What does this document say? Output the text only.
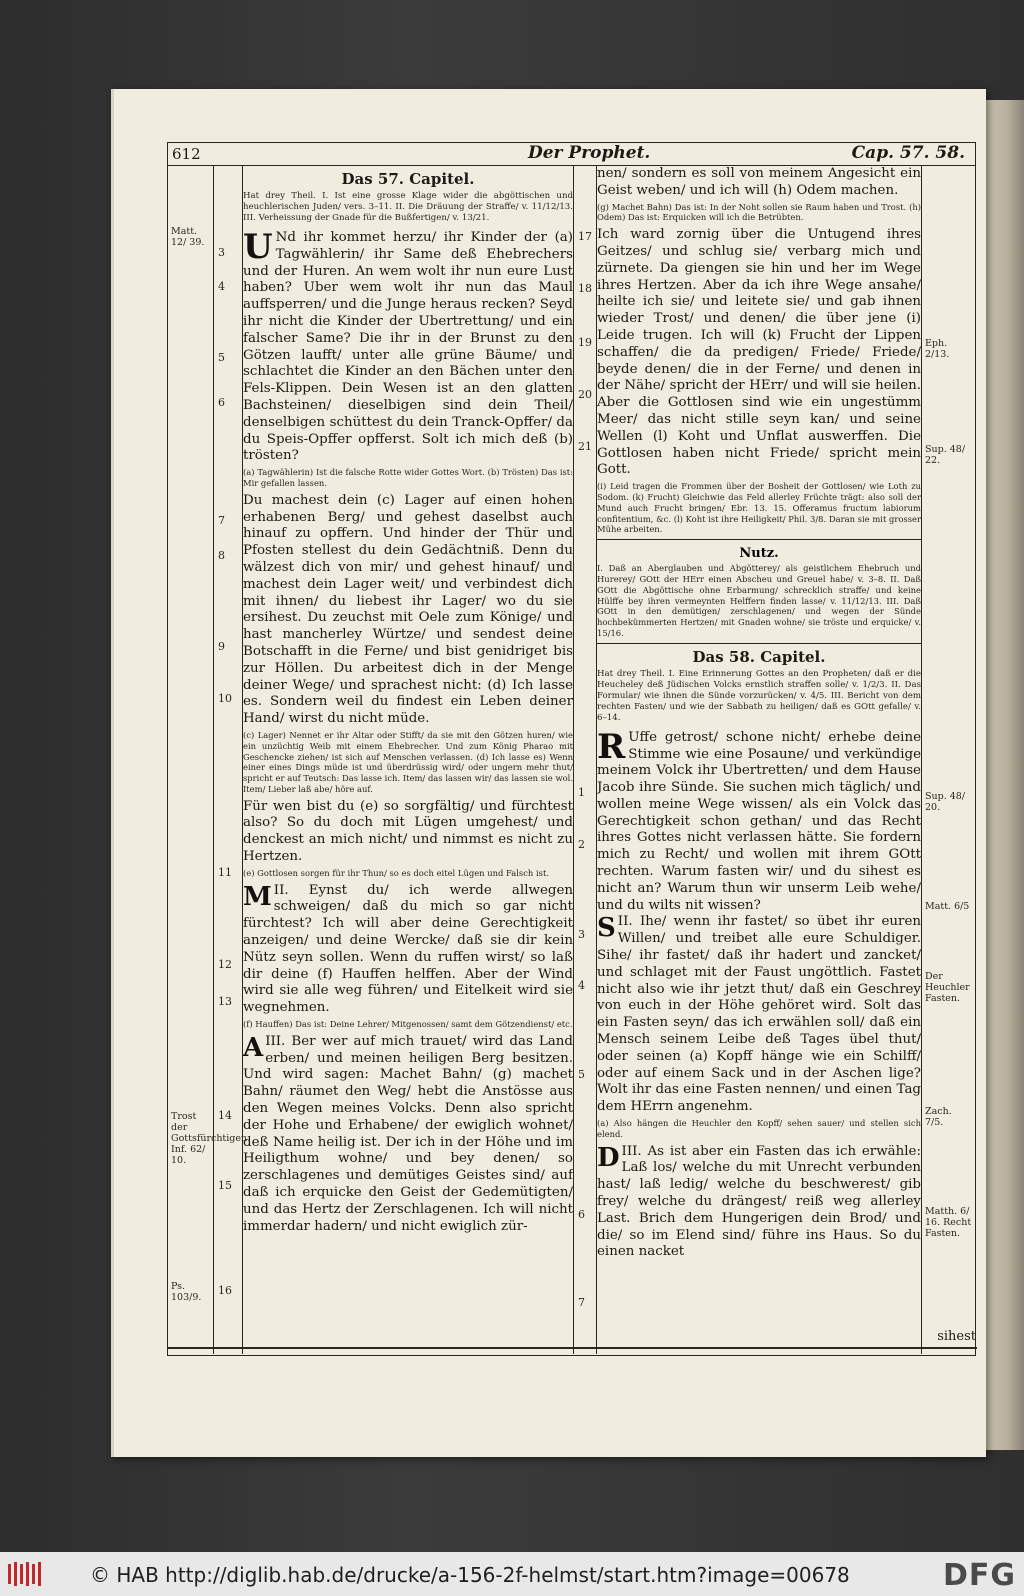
612	Der Prophet.	Cap. 57. 58.
Matt. 12/ 39.
Trost der Gottsfürchtigen Inf. 62/ 10.
Ps. 103/9.
3
4
5
6
7
8
9
10
11
12
13
14
15
16
Das 57. Capitel.

Hat drey Theil. I. Ist eine grosse Klage wider die abgöttischen und heuchlerischen Juden/ vers. 3–11. II. Die Dräuung der Straffe/ v. 11/12/13. III. Verheissung der Gnade für die Bußfertigen/ v. 13/21.

U Nd ihr kommet herzu/ ihr Kinder der (a) Tagwählerin/ ihr Same deß Ehebrechers und der Huren. An wem wolt ihr nun eure Lust haben? Uber wem wolt ihr nun das Maul auffsperren/ und die Junge heraus recken? Seyd ihr nicht die Kinder der Ubertrettung/ und ein falscher Same? Die ihr in der Brunst zu den Götzen laufft/ unter alle grüne Bäume/ und schlachtet die Kinder an den Bächen unter den Fels-Klippen. Dein Wesen ist an den glatten Bachsteinen/ dieselbigen sind dein Theil/ denselbigen schüttest du dein Tranck-Opffer/ da du Speis-Opffer opfferst. Solt ich mich deß (b) trösten?

(a) Tagwählerin) Ist die falsche Rotte wider Gottes Wort. (b) Trösten) Das ist: Mir gefallen lassen.

Du machest dein (c) Lager auf einen hohen erhabenen Berg/ und gehest daselbst auch hinauf zu opffern. Und hinder der Thür und Pfosten stellest du dein Gedächtniß. Denn du wälzest dich von mir/ und gehest hinauf/ und machest dein Lager weit/ und verbindest dich mit ihnen/ du liebest ihr Lager/ wo du sie ersihest. Du zeuchst mit Oele zum Könige/ und hast mancherley Würtze/ und sendest deine Botschafft in die Ferne/ und bist genidriget bis zur Höllen. Du arbeitest dich in der Menge deiner Wege/ und sprachest nicht: (d) Ich lasse es. Sondern weil du findest ein Leben deiner Hand/ wirst du nicht müde.

(c) Lager) Nennet er ihr Altar oder Stifft/ da sie mit den Götzen huren/ wie ein unzüchtig Weib mit einem Ehebrecher. Und zum König Pharao mit Geschencke ziehen/ ist sich auf Menschen verlassen. (d) Ich lasse es) Wenn einer eines Dings müde ist und überdrüssig wird/ oder ungern mehr thut/ spricht er auf Teutsch: Das lasse ich. Item/ das lassen wir/ das lassen sie wol. Item/ Lieber laß abe/ höre auf.

Für wen bist du (e) so sorgfältig/ und fürchtest also? So du doch mit Lügen umgehest/ und denckest an mich nicht/ und nimmst es nicht zu Hertzen.

(e) Gottlosen sorgen für ihr Thun/ so es doch eitel Lügen und Falsch ist.

MII. Eynst du/ ich werde allwegen schweigen/ daß du mich so gar nicht fürchtest? Ich will aber deine Gerechtigkeit anzeigen/ und deine Wercke/ daß sie dir kein Nütz seyn sollen. Wenn du ruffen wirst/ so laß dir deine (f) Hauffen helffen. Aber der Wind wird sie alle weg führen/ und Eitelkeit wird sie wegnehmen.

(f) Hauffen) Das ist: Deine Lehrer/ Mitgenossen/ samt dem Götzendienst/ etc.

AIII. Ber wer auf mich trauet/ wird das Land erben/ und meinen heiligen Berg besitzen. Und wird sagen: Machet Bahn/ (g) machet Bahn/ räumet den Weg/ hebt die Anstösse aus den Wegen meines Volcks. Denn also spricht der Hohe und Erhabene/ der ewiglich wohnet/ deß Name heilig ist. Der ich in der Höhe und im Heiligthum wohne/ und bey denen/ so zerschlagenes und demütiges Geistes sind/ auf daß ich erquicke den Geist der Gedemütigten/ und das Hertz der Zerschlagenen. Ich will nicht immerdar hadern/ und nicht ewiglich zür-

17
18
19
20
21
1
2
3
4
5
6
7

nen/ sondern es soll von meinem Angesicht ein Geist weben/ und ich will (h) Odem machen.

(g) Machet Bahn) Das ist: In der Noht sollen sie Raum haben und Trost. (h) Odem) Das ist: Erquicken will ich die Betrübten.

Ich ward zornig über die Untugend ihres Geitzes/ und schlug sie/ verbarg mich und zürnete. Da giengen sie hin und her im Wege ihres Hertzen. Aber da ich ihre Wege ansahe/ heilte ich sie/ und leitete sie/ und gab ihnen wieder Trost/ und denen/ die über jene (i) Leide trugen. Ich will (k) Frucht der Lippen schaffen/ die da predigen/ Friede/ Friede/ beyde denen/ die in der Ferne/ und denen in der Nähe/ spricht der HErr/ und will sie heilen. Aber die Gottlosen sind wie ein ungestümm Meer/ das nicht stille seyn kan/ und seine Wellen (l) Koht und Unflat auswerffen. Die Gottlosen haben nicht Friede/ spricht mein Gott.

(i) Leid tragen die Frommen über der Bosheit der Gottlosen/ wie Loth zu Sodom. (k) Frucht) Gleichwie das Feld allerley Früchte trägt: also soll der Mund auch Frucht bringen/ Ebr. 13. 15. Offeramus fructum labiorum confitentium, &c. (l) Koht ist ihre Heiligkeit/ Phil. 3/8. Daran sie mit grosser Mühe arbeiten.

Nutz.

I. Daß an Aberglauben und Abgötterey/ als geistlichem Ehebruch und Hurerey/ GOtt der HErr einen Abscheu und Greuel habe/ v. 3–8. II. Daß GOtt die Abgöttische ohne Erbarmung/ schrecklich straffe/ und keine Hülffe bey ihren vermeynten Helffern finden lasse/ v. 11/12/13. III. Daß GOtt in den demütigen/ zerschlagenen/ und wegen der Sünde hochbekümmerten Hertzen/ mit Gnaden wohne/ sie tröste und erquicke/ v. 15/16.

Das 58. Capitel.

Hat drey Theil. I. Eine Erinnerung Gottes an den Propheten/ daß er die Heucheley deß Jüdischen Volcks ernstlich straffen solle/ v. 1/2/3. II. Das Formular/ wie ihnen die Sünde vorzurücken/ v. 4/5. III. Bericht von dem rechten Fasten/ und wie der Sabbath zu heiligen/ daß es GOtt gefalle/ v. 6–14.

R Uffe getrost/ schone nicht/ erhebe deine Stimme wie eine Posaune/ und verkündige meinem Volck ihr Ubertretten/ und dem Hause Jacob ihre Sünde. Sie suchen mich täglich/ und wollen meine Wege wissen/ als ein Volck das Gerechtigkeit schon gethan/ und das Recht ihres Gottes nicht verlassen hätte. Sie fordern mich zu Recht/ und wollen mit ihrem GOtt rechten. Warum fasten wir/ und du sihest es nicht an? Warum thun wir unserm Leib wehe/ und du wilts nit wissen?

SII. Ihe/ wenn ihr fastet/ so übet ihr euren Willen/ und treibet alle eure Schuldiger. Sihe/ ihr fastet/ daß ihr hadert und zancket/ und schlaget mit der Faust ungöttlich. Fastet nicht also wie ihr jetzt thut/ daß ein Geschrey von euch in der Höhe gehöret wird. Solt das ein Fasten seyn/ das ich erwählen soll/ daß ein Mensch seinem Leibe deß Tages übel thut/ oder seinen (a) Kopff hänge wie ein Schilff/ oder auf einem Sack und in der Aschen lige? Wolt ihr das eine Fasten nennen/ und einen Tag dem HErrn angenehm.

(a) Also hängen die Heuchler den Kopff/ sehen sauer/ und stellen sich elend.

DIII. As ist aber ein Fasten das ich erwähle: Laß los/ welche du mit Unrecht verbunden hast/ laß ledig/ welche du beschwerest/ gib frey/ welche du drängest/ reiß weg allerley Last. Brich dem Hungerigen dein Brod/ und die/ so im Elend sind/ führe ins Haus. So du einen nacket

Eph. 2/13.
Sup. 48/ 22.
Sup. 48/ 20.
Matt. 6/5
Der Heuchler Fasten.
Zach. 7/5.
Matth. 6/ 16. Recht Fasten.
sihest
© HAB http://diglib.hab.de/drucke/a-156-2f-helmst/start.htm?image=00678	DFG
